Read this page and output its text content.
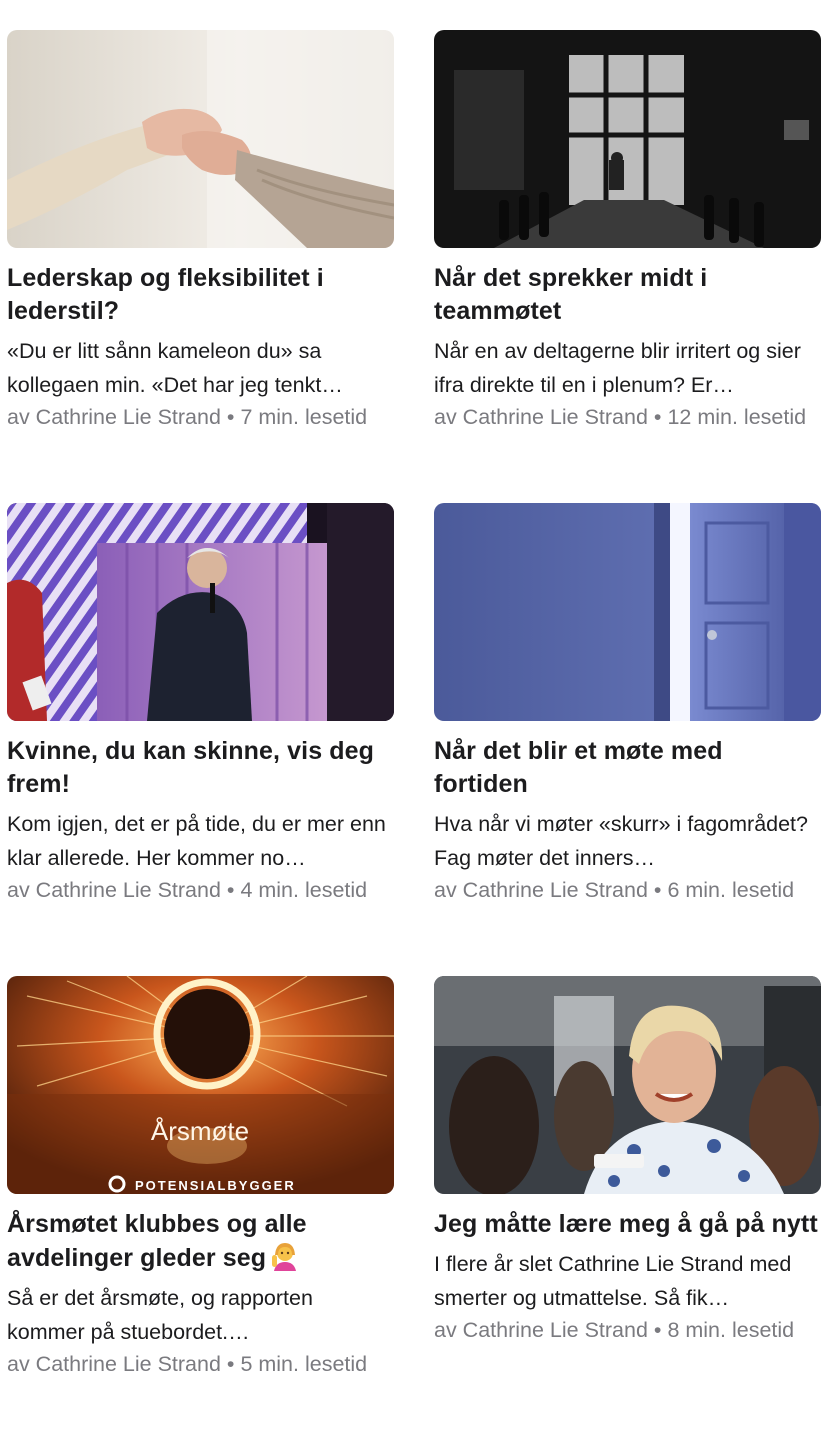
Lederskap og fleksibilitet i lederstil?
«Du er litt sånn kameleon du» sa kollegaen min. «Det har jeg tenkt…
av Cathrine Lie Strand • 7 min. lesetid
Når det sprekker midt i teammøtet
Når en av deltagerne blir irritert og sier ifra direkte til en i plenum? Er…
av Cathrine Lie Strand • 12 min. lesetid
Kvinne, du kan skinne, vis deg frem!
Kom igjen, det er på tide, du er mer enn klar allerede. Her kommer no…
av Cathrine Lie Strand • 4 min. lesetid
Når det blir et møte med fortiden
Hva når vi møter «skurr» i fagområdet? Fag møter det inners…
av Cathrine Lie Strand • 6 min. lesetid
Årsmøte
POTENSIALBYGGER
Årsmøtet klubbes og alle avdelinger gleder seg
Så er det årsmøte, og rapporten kommer på stuebordet.…
av Cathrine Lie Strand • 5 min. lesetid
Jeg måtte lære meg å gå på nytt
I flere år slet Cathrine Lie Strand med smerter og utmattelse. Så fik…
av Cathrine Lie Strand • 8 min. lesetid
